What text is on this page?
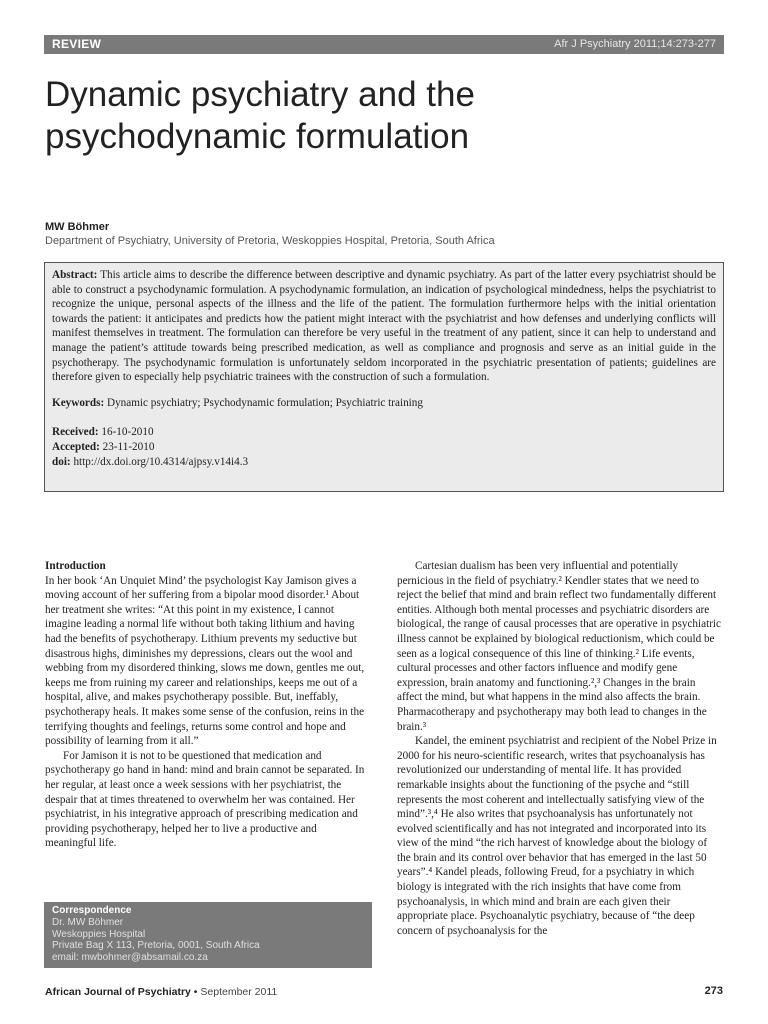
REVIEW	Afr J Psychiatry 2011;14:273-277
Dynamic psychiatry and the
psychodynamic formulation
MW Böhmer
Department of Psychiatry, University of Pretoria, Weskoppies Hospital, Pretoria, South Africa

Abstract: This article aims to describe the difference between descriptive and dynamic psychiatry. As part of the latter every psychiatrist should be able to construct a psychodynamic formulation. A psychodynamic formulation, an indication of psychological mindedness, helps the psychiatrist to recognize the unique, personal aspects of the illness and the life of the patient. The formulation furthermore helps with the initial orientation towards the patient: it anticipates and predicts how the patient might interact with the psychiatrist and how defenses and underlying conflicts will manifest themselves in treatment. The formulation can therefore be very useful in the treatment of any patient, since it can help to understand and manage the patient’s attitude towards being prescribed medication, as well as compliance and prognosis and serve as an initial guide in the psychotherapy. The psychodynamic formulation is unfortunately seldom incorporated in the psychiatric presentation of patients; guidelines are therefore given to especially help psychiatric trainees with the construction of such a formulation.

Keywords: Dynamic psychiatry; Psychodynamic formulation; Psychiatric training

Received: 16-10-2010

Accepted: 23-11-2010

doi: http://dx.doi.org/10.4314/ajpsy.v14i4.3

Introduction

In her book ‘An Unquiet Mind’ the psychologist Kay Jamison gives a moving account of her suffering from a bipolar mood disorder.¹ About her treatment she writes: “At this point in my existence, I cannot imagine leading a normal life without both taking lithium and having had the benefits of psychotherapy. Lithium prevents my seductive but disastrous highs, diminishes my depressions, clears out the wool and webbing from my disordered thinking, slows me down, gentles me out, keeps me from ruining my career and relationships, keeps me out of a hospital, alive, and makes psychotherapy possible. But, ineffably, psychotherapy heals. It makes some sense of the confusion, reins in the terrifying thoughts and feelings, returns some control and hope and possibility of learning from it all.”

For Jamison it is not to be questioned that medication and psychotherapy go hand in hand: mind and brain cannot be separated. In her regular, at least once a week sessions with her psychiatrist, the despair that at times threatened to overwhelm her was contained. Her psychiatrist, in his integrative approach of prescribing medication and providing psychotherapy, helped her to live a productive and meaningful life.

Cartesian dualism has been very influential and potentially pernicious in the field of psychiatry.² Kendler states that we need to reject the belief that mind and brain reflect two fundamentally different entities. Although both mental processes and psychiatric disorders are biological, the range of causal processes that are operative in psychiatric illness cannot be explained by biological reductionism, which could be seen as a logical consequence of this line of thinking.² Life events, cultural processes and other factors influence and modify gene expression, brain anatomy and functioning.²,³ Changes in the brain affect the mind, but what happens in the mind also affects the brain. Pharmacotherapy and psychotherapy may both lead to changes in the brain.³

Kandel, the eminent psychiatrist and recipient of the Nobel Prize in 2000 for his neuro-scientific research, writes that psychoanalysis has revolutionized our understanding of mental life. It has provided remarkable insights about the functioning of the psyche and “still represents the most coherent and intellectually satisfying view of the mind”.³,⁴ He also writes that psychoanalysis has unfortunately not evolved scientifically and has not integrated and incorporated into its view of the mind “the rich harvest of knowledge about the biology of the brain and its control over behavior that has emerged in the last 50 years”.⁴ Kandel pleads, following Freud, for a psychiatry in which biology is integrated with the rich insights that have come from psychoanalysis, in which mind and brain are each given their appropriate place. Psychoanalytic psychiatry, because of “the deep concern of psychoanalysis for the

Correspondence
Dr. MW Böhmer
Weskoppies Hospital
Private Bag X 113, Pretoria, 0001, South Africa
email: mwbohmer@absamail.co.za
African Journal of Psychiatry • September 2011	273
